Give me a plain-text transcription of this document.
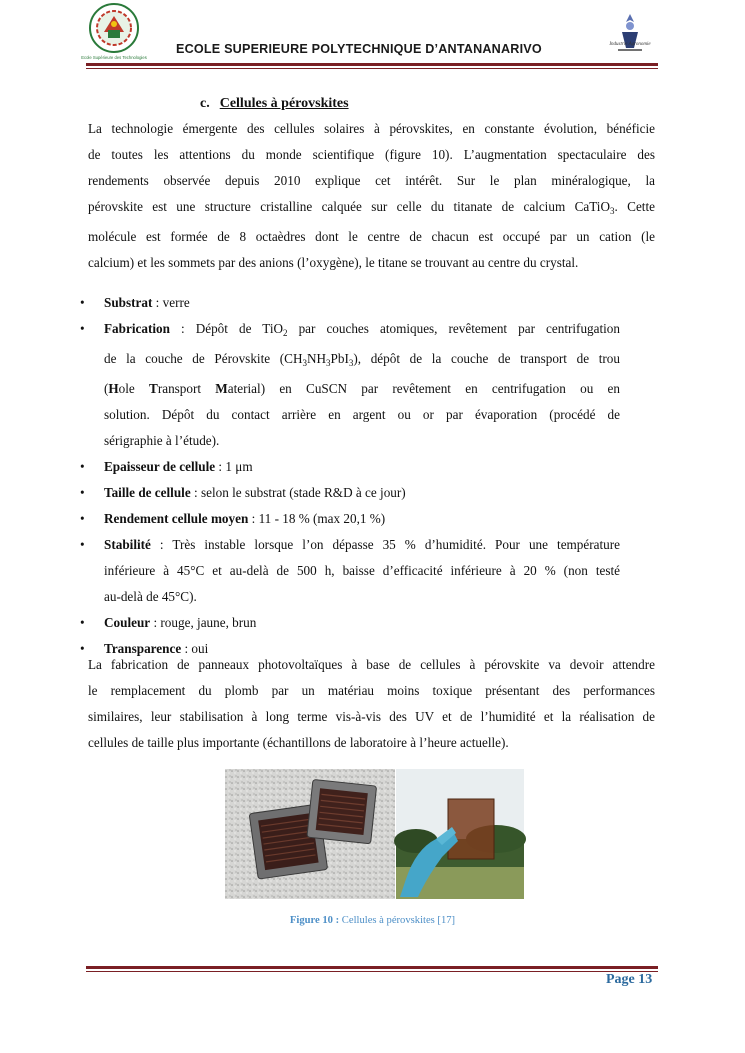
Ecole Supérieure des Technologies
ECOLE SUPERIEURE POLYTECHNIQUE D’ANTANANARIVO	Industrie Agronomie
c. Cellules à pérovskites
La technologie émergente des cellules solaires à pérovskites, en constante évolution, bénéficie
de toutes les attentions du monde scientifique (figure 10). L’augmentation spectaculaire des
rendements observée depuis 2010 explique cet intérêt. Sur le plan minéralogique, la
pérovskite est une structure cristalline calquée sur celle du titanate de calcium CaTiO$_3$. Cette
molécule est formée de 8 octaèdres dont le centre de chacun est occupé par un cation (le
calcium) et les sommets par des anions (l’oxygène), le titane se trouvant au centre du crystal.
• Substrat : verre
• Fabrication : Dépôt de TiO$_2$ par couches atomiques, revêtement par centrifugation
de la couche de Pérovskite $(CH_3NH_3PbI_3)$, dépôt de la couche de transport de trou
(Hole Transport Material) en CuSCN par revêtement en centrifugation ou en
solution. Dépôt du contact arrière en argent ou or par évaporation (procédé de
sérigraphie à l’étude).
• Epaisseur de cellule : 1 μm
• Taille de cellule : selon le substrat (stade R&D à ce jour)
• Rendement cellule moyen : 11 - 18 % (max 20,1 %)
• Stabilité : Très instable lorsque l’on dépasse 35 % d’humidité. Pour une température
inférieure à 45°C et au-delà de 500 h, baisse d’efficacité inférieure à 20 % (non testé
au-delà de 45°C).
• Couleur : rouge, jaune, brun
• Transparence : oui
La fabrication de panneaux photovoltaïques à base de cellules à pérovskite va devoir attendre
le remplacement du plomb par un matériau moins toxique présentant des performances
similaires, leur stabilisation à long terme vis-à-vis des UV et de l’humidité et la réalisation de
cellules de taille plus importante (échantillons de laboratoire à l’heure actuelle).
Figure 10 : Cellules à pérovskites [17]
Page 13
